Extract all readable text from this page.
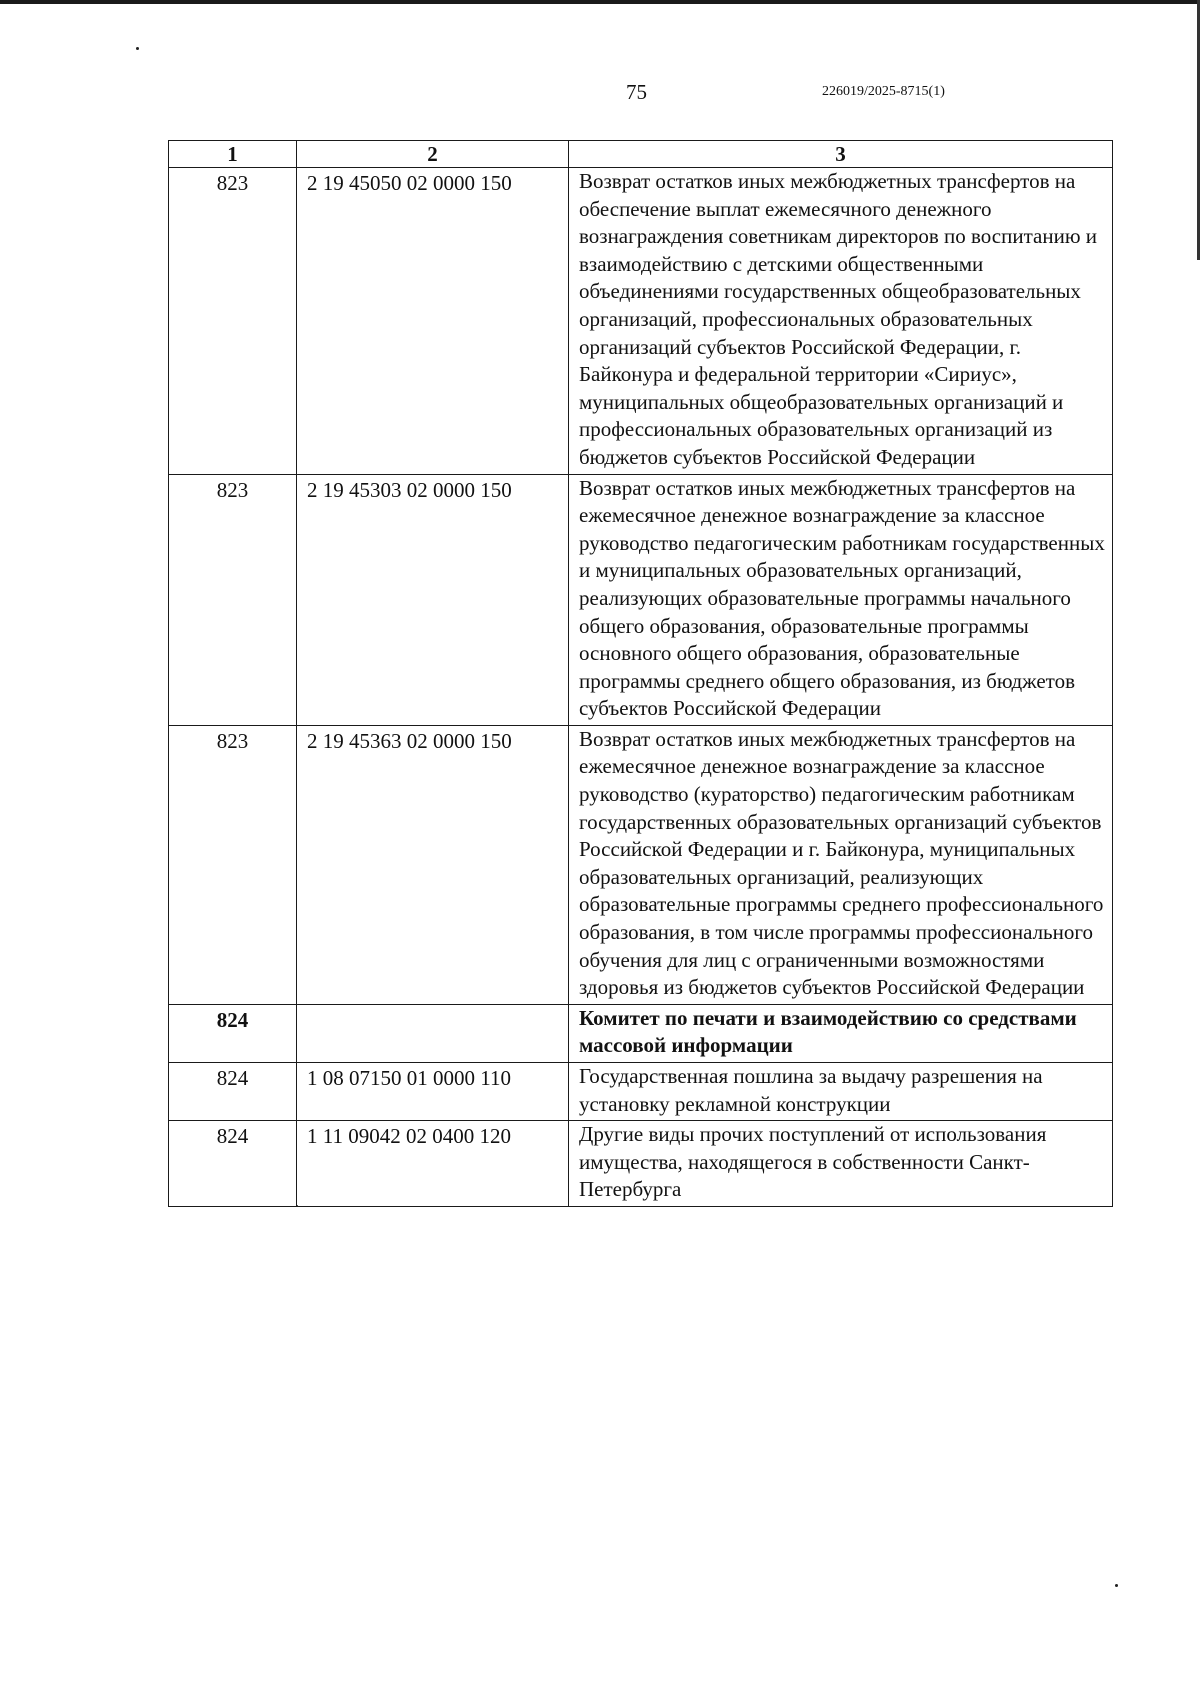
75	226019/2025-8715(1)
1	2	3
823	2 19 45050 02 0000 150	Возврат остатков иных межбюджетных трансфертов на обеспечение выплат ежемесячного денежного вознаграждения советникам директоров по воспитанию и взаимодействию с детскими общественными объединениями государственных общеобразовательных организаций, профессиональных образовательных организаций субъектов Российской Федерации, г. Байконура и федеральной территории «Сириус», муниципальных общеобразовательных организаций и профессиональных образовательных организаций из бюджетов субъектов Российской Федерации
823	2 19 45303 02 0000 150	Возврат остатков иных межбюджетных трансфертов на ежемесячное денежное вознаграждение за классное руководство педагогическим работникам государственных и муниципальных образовательных организаций, реализующих образовательные программы начального общего образования, образовательные программы основного общего образования, образовательные программы среднего общего образования, из бюджетов субъектов Российской Федерации
823	2 19 45363 02 0000 150	Возврат остатков иных межбюджетных трансфертов на ежемесячное денежное вознаграждение за классное руководство (кураторство) педагогическим работникам государственных образовательных организаций субъектов Российской Федерации и г. Байконура, муниципальных образовательных организаций, реализующих образовательные программы среднего профессионального образования, в том числе программы профессионального обучения для лиц с ограниченными возможностями здоровья из бюджетов субъектов Российской Федерации
824		Комитет по печати и взаимодействию со средствами массовой информации
824	1 08 07150 01 0000 110	Государственная пошлина за выдачу разрешения на установку рекламной конструкции
824	1 11 09042 02 0400 120	Другие виды прочих поступлений от использования имущества, находящегося в собственности Санкт-Петербурга
